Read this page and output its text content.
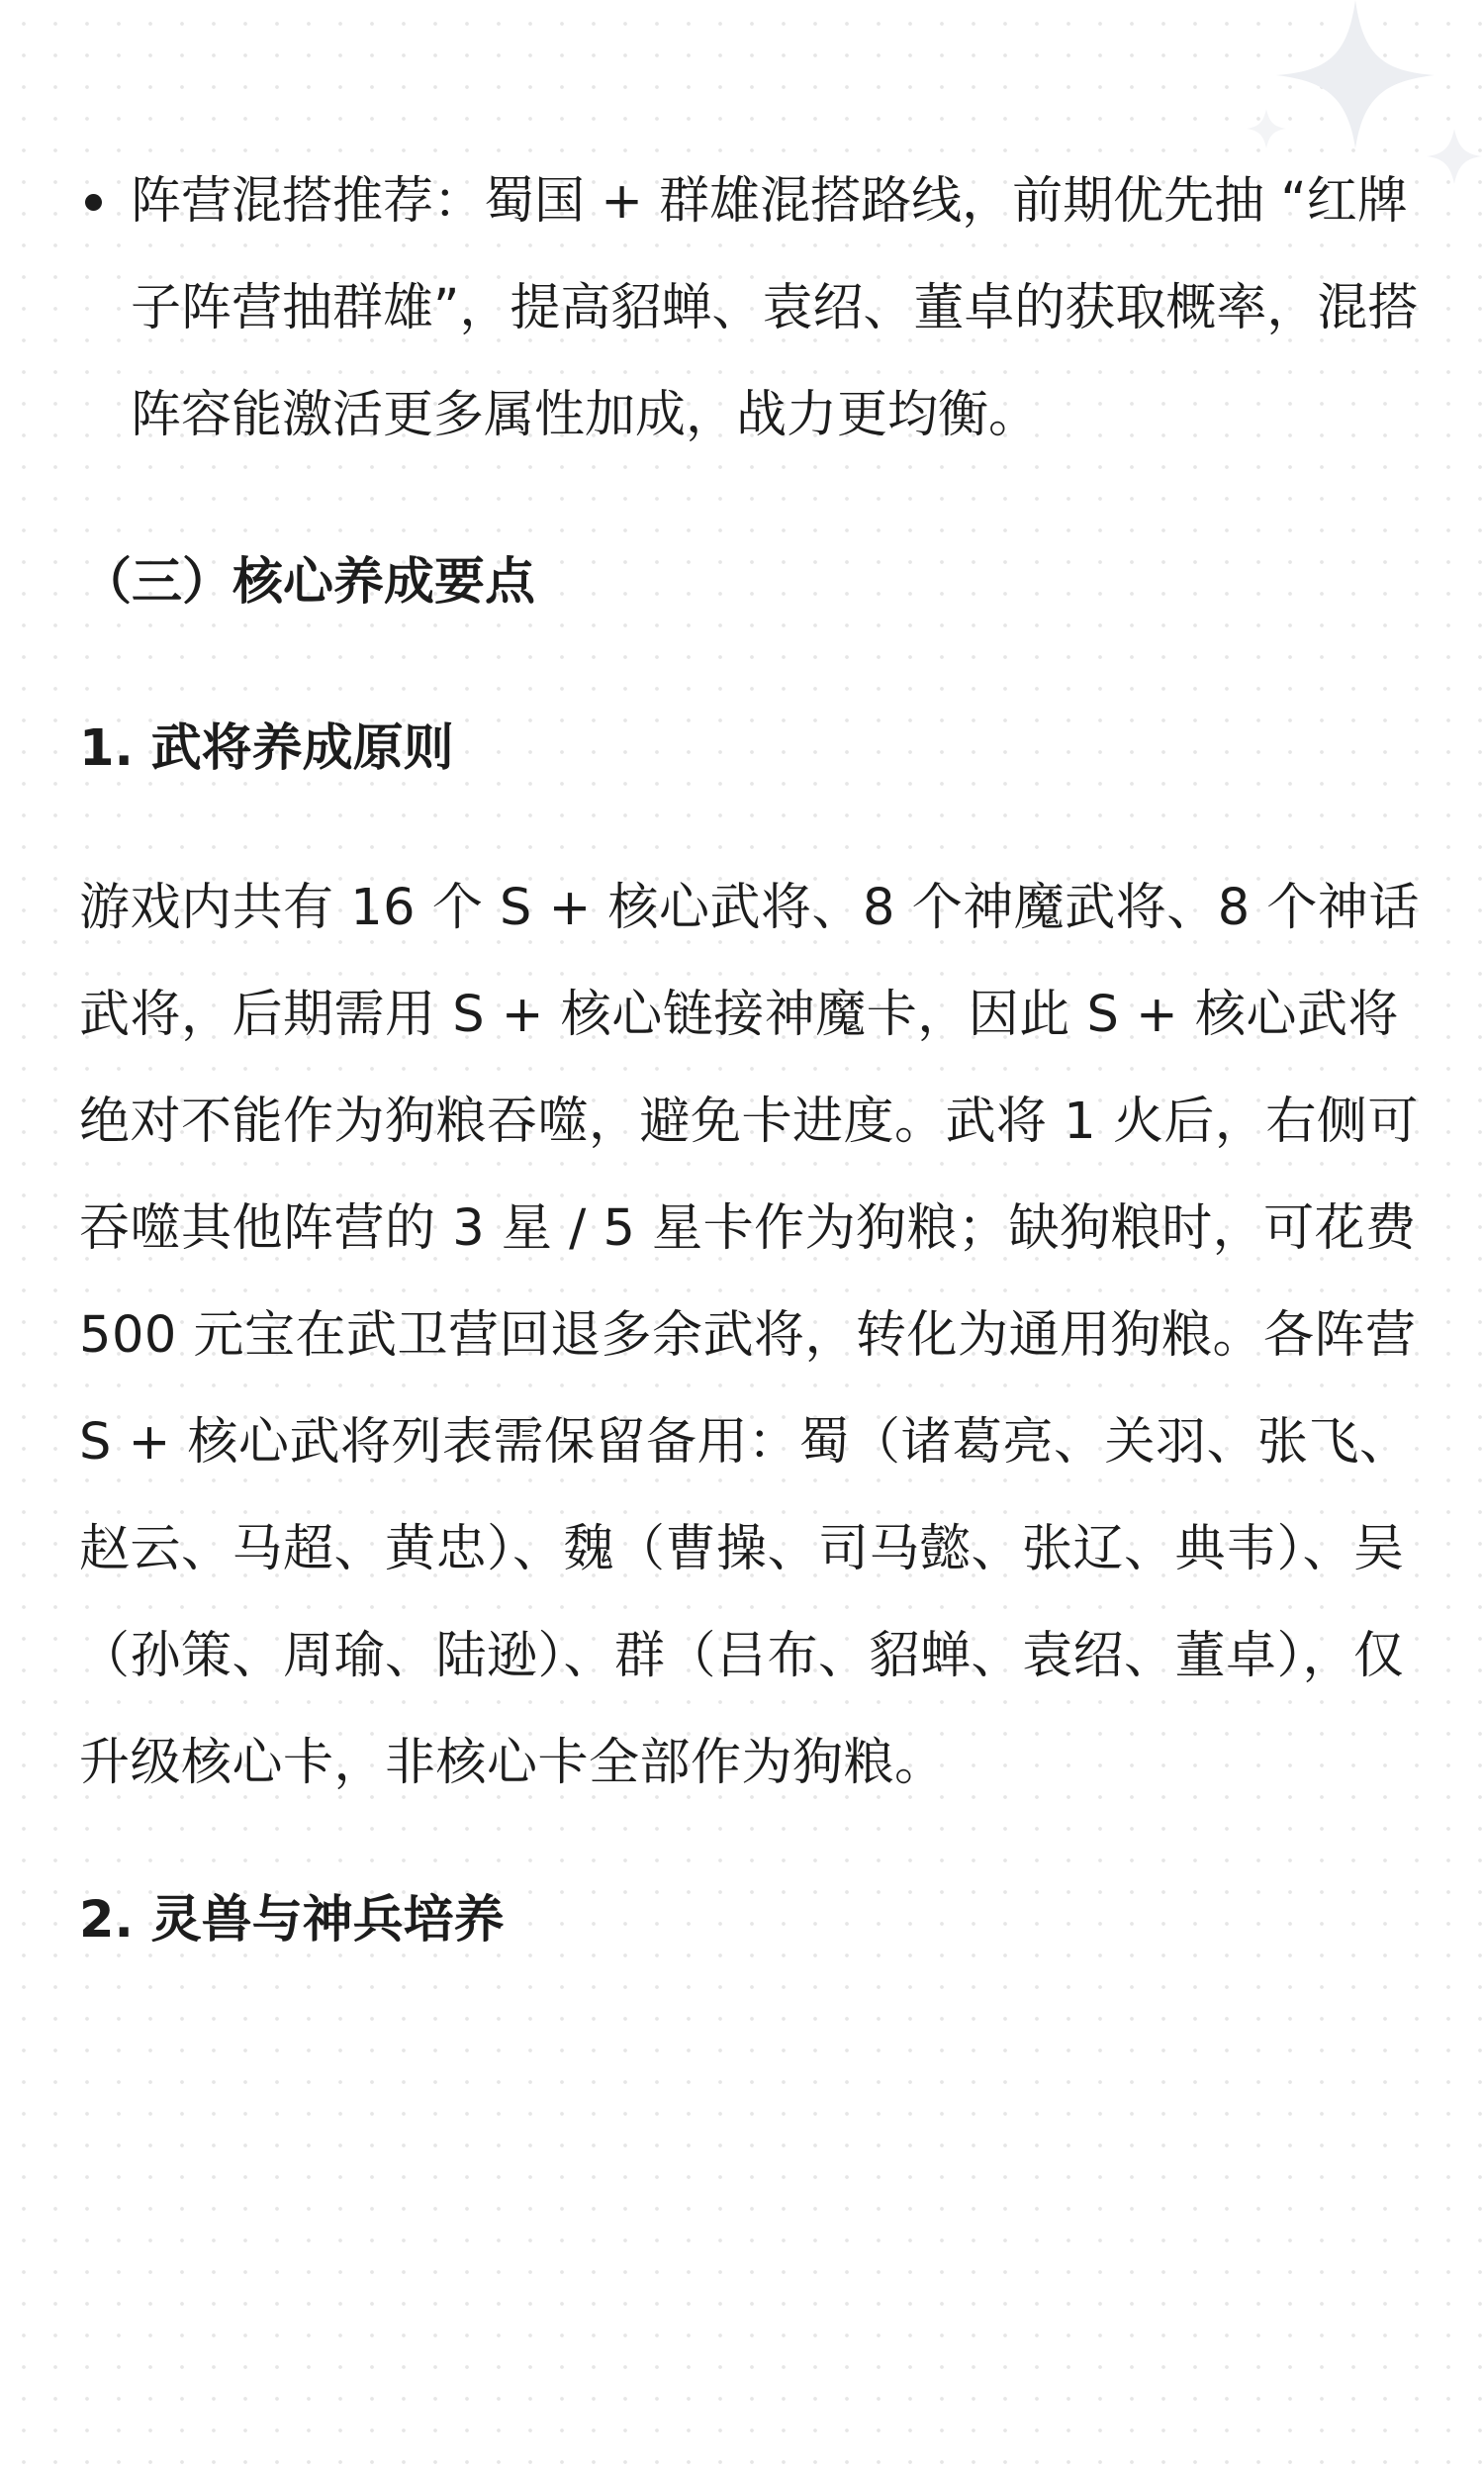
阵营混搭推荐：蜀国 + 群雄混搭路线，前期优先抽 “红牌子阵营抽群雄”，提高貂蝉、袁绍、董卓的获取概率，混搭阵容能激活更多属性加成，战力更均衡。

（三）核心养成要点
1. 武将养成原则

游戏内共有 16 个 S + 核心武将、8 个神魔武将、8 个神话武将，后期需用 S + 核心链接神魔卡，因此 S + 核心武将绝对不能作为狗粮吞噬，避免卡进度。武将 1 火后，右侧可吞噬其他阵营的 3 星 / 5 星卡作为狗粮；缺狗粮时，可花费 500 元宝在武卫营回退多余武将，转化为通用狗粮。各阵营 S + 核心武将列表需保留备用：蜀（诸葛亮、关羽、张飞、赵云、马超、黄忠）、魏（曹操、司马懿、张辽、典韦）、吴（孙策、周瑜、陆逊）、群（吕布、貂蝉、袁绍、董卓），仅升级核心卡，非核心卡全部作为狗粮。

2. 灵兽与神兵培养
